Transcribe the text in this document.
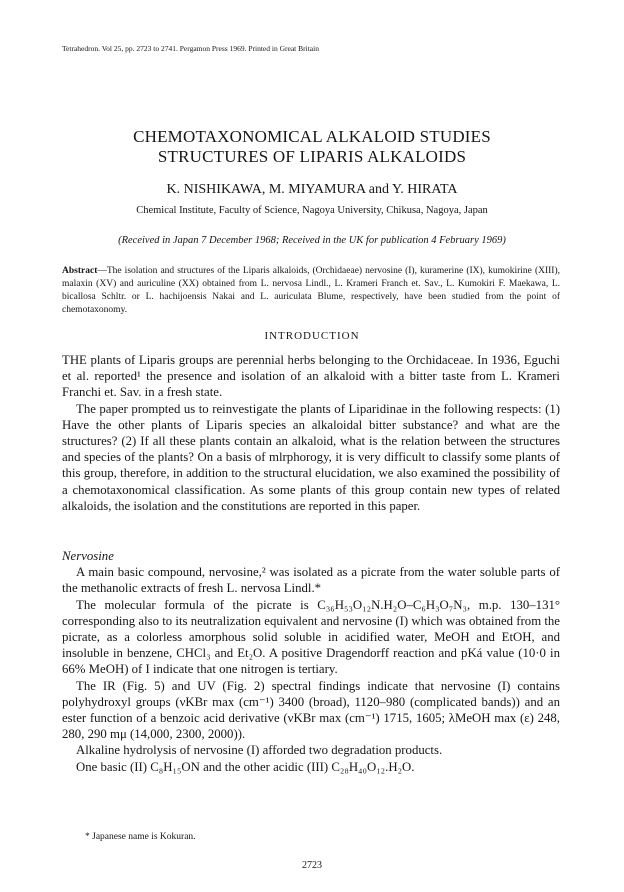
Tetrahedron. Vol 25, pp. 2723 to 2741. Pergamon Press 1969. Printed in Great Britain
CHEMOTAXONOMICAL ALKALOID STUDIES
STRUCTURES OF LIPARIS ALKALOIDS
K. NISHIKAWA, M. MIYAMURA and Y. HIRATA
Chemical Institute, Faculty of Science, Nagoya University, Chikusa, Nagoya, Japan
(Received in Japan 7 December 1968; Received in the UK for publication 4 February 1969)
Abstract—The isolation and structures of the Liparis alkaloids, (Orchidaeae) nervosine (I), kuramerine (IX), kumokirine (XIII), malaxin (XV) and auriculine (XX) obtained from L. nervosa Lindl., L. Krameri Franch et. Sav., L. Kumokiri F. Maekawa, L. bicallosa Schltr. or L. hachijoensis Nakai and L. auriculata Blume, respectively, have been studied from the point of chemotaxonomy.
INTRODUCTION

THE plants of Liparis groups are perennial herbs belonging to the Orchidaceae. In 1936, Eguchi et al. reported¹ the presence and isolation of an alkaloid with a bitter taste from L. Krameri Franchi et. Sav. in a fresh state.

The paper prompted us to reinvestigate the plants of Liparidinae in the following respects: (1) Have the other plants of Liparis species an alkaloidal bitter substance? and what are the structures? (2) If all these plants contain an alkaloid, what is the relation between the structures and species of the plants? On a basis of mlrphorogy, it is very difficult to classify some plants of this group, therefore, in addition to the structural elucidation, we also examined the possibility of a chemotaxonomical classification. As some plants of this group contain new types of related alkaloids, the isolation and the constitutions are reported in this paper.

Nervosine

A main basic compound, nervosine,² was isolated as a picrate from the water soluble parts of the methanolic extracts of fresh L. nervosa Lindl.*

The molecular formula of the picrate is C₃₆H₅₃O₁₂N.H₂O–C₆H₃O₇N₃, m.p. 130–131° corresponding also to its neutralization equivalent and nervosine (I) which was obtained from the picrate, as a colorless amorphous solid soluble in acidified water, MeOH and EtOH, and insoluble in benzene, CHCl₃ and Et₂O. A positive Dragendorff reaction and pKá value (10·0 in 66% MeOH) of I indicate that one nitrogen is tertiary.

The IR (Fig. 5) and UV (Fig. 2) spectral findings indicate that nervosine (I) contains polyhydroxyl groups (νKBr max (cm⁻¹) 3400 (broad), 1120–980 (complicated bands)) and an ester function of a benzoic acid derivative (νKBr max (cm⁻¹) 1715, 1605; λMeOH max (ε) 248, 280, 290 mμ (14,000, 2300, 2000)).

Alkaline hydrolysis of nervosine (I) afforded two degradation products.

One basic (II) C₈H₁₅ON and the other acidic (III) C₂₈H₄₀O₁₂.H₂O.

* Japanese name is Kokuran.
2723
